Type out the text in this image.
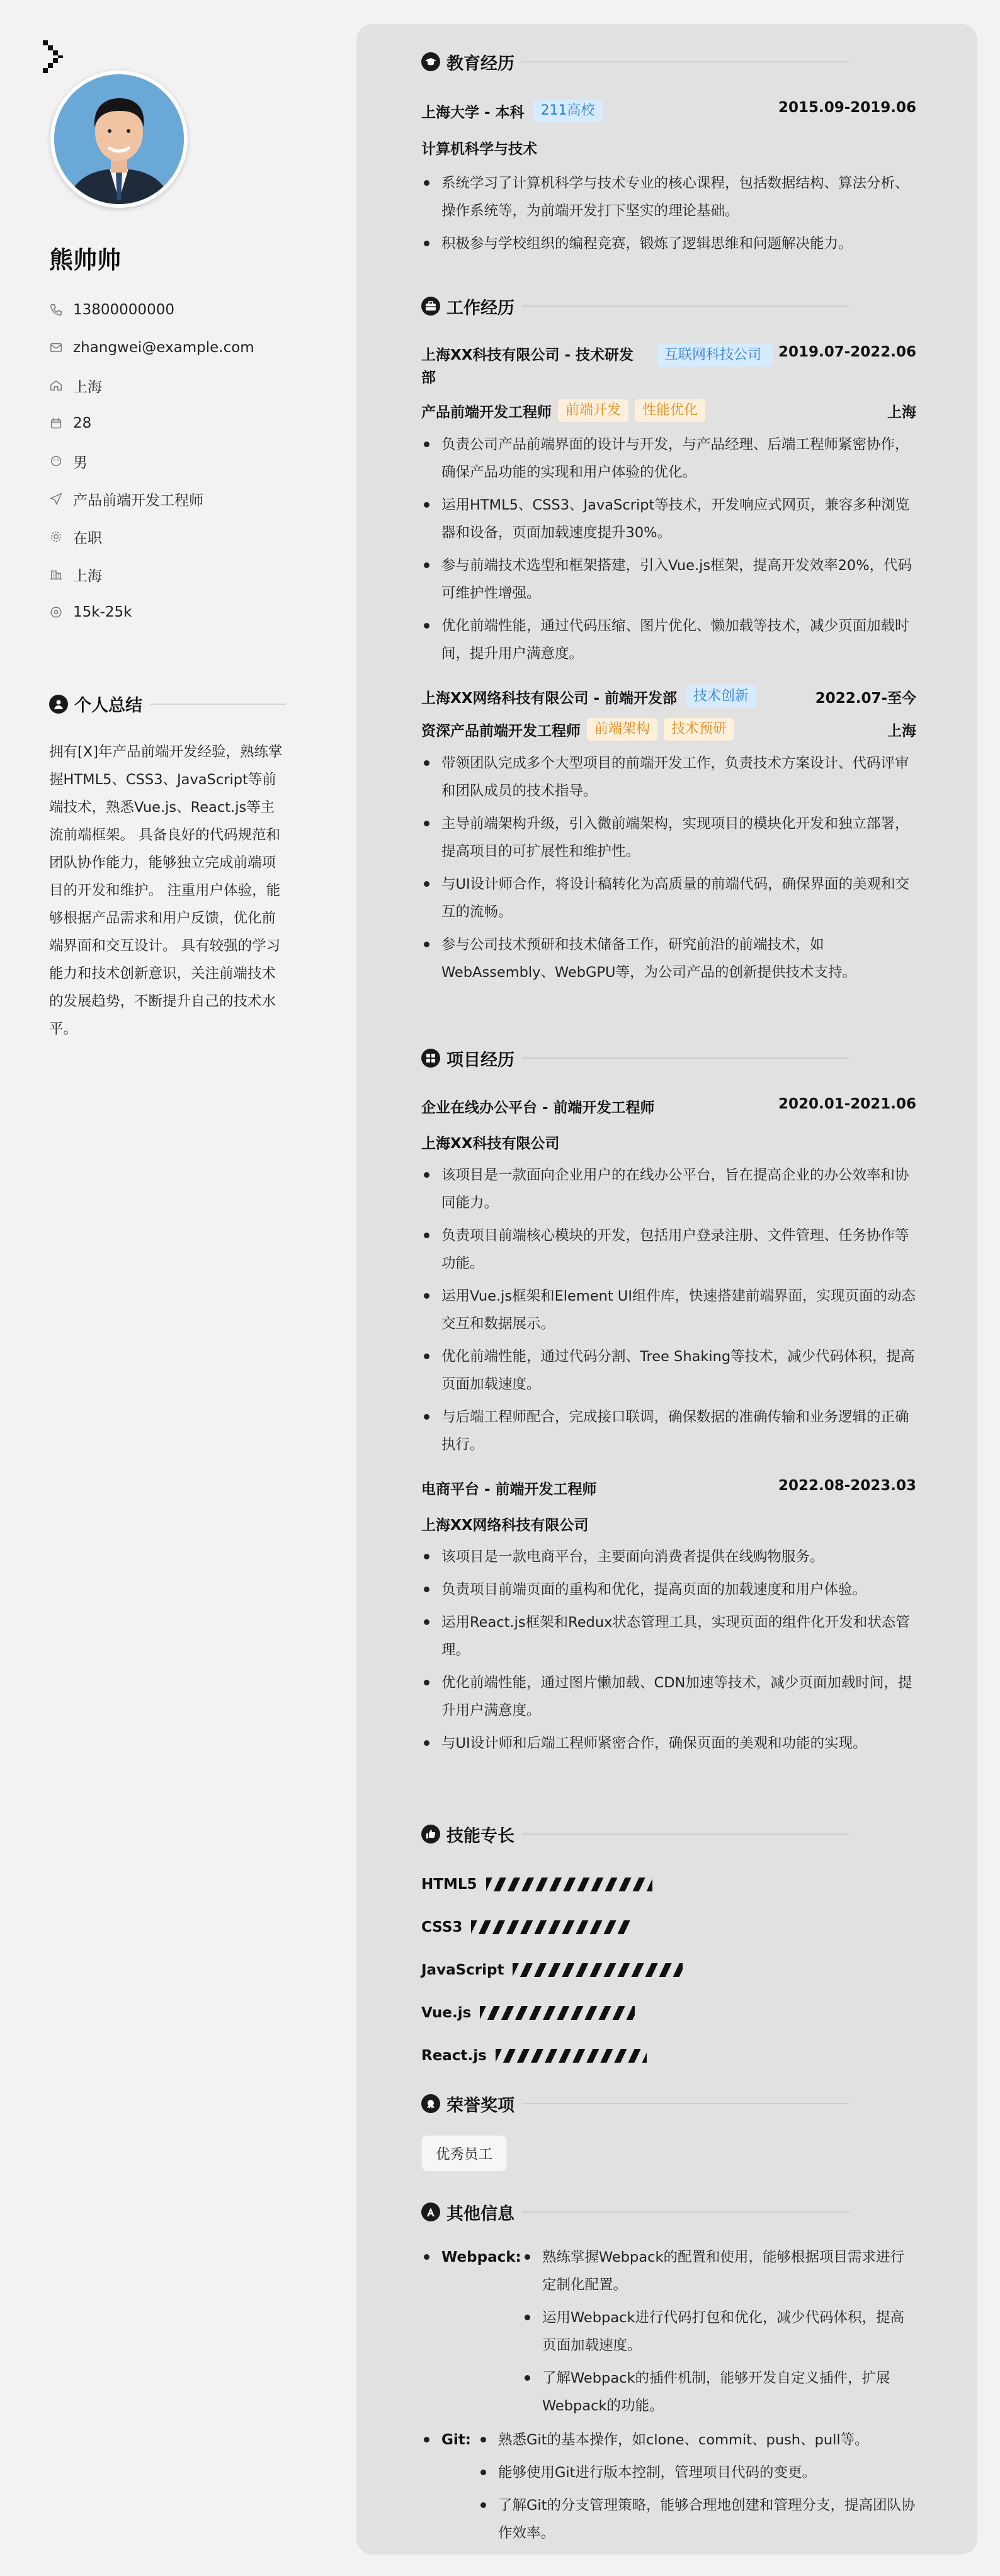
熊帅帅
13800000000
zhangwei@example.com
上海
28
男
产品前端开发工程师
在职
上海
15k-25k
个人总结

拥有[X]年产品前端开发经验，熟练掌握HTML5、CSS3、JavaScript等前端技术，熟悉Vue.js、React.js等主流前端框架。 具备良好的代码规范和团队协作能力，能够独立完成前端项目的开发和维护。 注重用户体验，能够根据产品需求和用户反馈，优化前端界面和交互设计。 具有较强的学习能力和技术创新意识，关注前端技术的发展趋势，不断提升自己的技术水平。

教育经历
上海大学 - 本科	211高校	2015.09-2019.06
计算机科学与技术
系统学习了计算机科学与技术专业的核心课程，包括数据结构、算法分析、操作系统等，为前端开发打下坚实的理论基础。
积极参与学校组织的编程竞赛，锻炼了逻辑思维和问题解决能力。
工作经历
上海XX科技有限公司 - 技术研发部
互联网科技公司	2019.07-2022.06
产品前端开发工程师	前端开发	性能优化	上海
负责公司产品前端界面的设计与开发，与产品经理、后端工程师紧密协作，确保产品功能的实现和用户体验的优化。
运用HTML5、CSS3、JavaScript等技术，开发响应式网页，兼容多种浏览器和设备，页面加载速度提升30%。
参与前端技术选型和框架搭建，引入Vue.js框架，提高开发效率20%，代码可维护性增强。
优化前端性能，通过代码压缩、图片优化、懒加载等技术，减少页面加载时间，提升用户满意度。
上海XX网络科技有限公司 - 前端开发部	技术创新	2022.07-至今
资深产品前端开发工程师	前端架构	技术预研	上海
带领团队完成多个大型项目的前端开发工作，负责技术方案设计、代码评审和团队成员的技术指导。
主导前端架构升级，引入微前端架构，实现项目的模块化开发和独立部署，提高项目的可扩展性和维护性。
与UI设计师合作，将设计稿转化为高质量的前端代码，确保界面的美观和交互的流畅。
参与公司技术预研和技术储备工作，研究前沿的前端技术，如WebAssembly、WebGPU等，为公司产品的创新提供技术支持。
项目经历
企业在线办公平台 - 前端开发工程师	2020.01-2021.06
上海XX科技有限公司
该项目是一款面向企业用户的在线办公平台，旨在提高企业的办公效率和协同能力。
负责项目前端核心模块的开发，包括用户登录注册、文件管理、任务协作等功能。
运用Vue.js框架和Element UI组件库，快速搭建前端界面，实现页面的动态交互和数据展示。
优化前端性能，通过代码分割、Tree Shaking等技术，减少代码体积，提高页面加载速度。
与后端工程师配合，完成接口联调，确保数据的准确传输和业务逻辑的正确执行。
电商平台 - 前端开发工程师	2022.08-2023.03
上海XX网络科技有限公司
该项目是一款电商平台，主要面向消费者提供在线购物服务。
负责项目前端页面的重构和优化，提高页面的加载速度和用户体验。
运用React.js框架和Redux状态管理工具，实现页面的组件化开发和状态管理。
优化前端性能，通过图片懒加载、CDN加速等技术，减少页面加载时间，提升用户满意度。
与UI设计师和后端工程师紧密合作，确保页面的美观和功能的实现。
技能专长
HTML5
CSS3
JavaScript
Vue.js
React.js
荣誉奖项
优秀员工
其他信息
Webpack:	熟练掌握Webpack的配置和使用，能够根据项目需求进行定制化配置。
运用Webpack进行代码打包和优化，减少代码体积，提高页面加载速度。
了解Webpack的插件机制，能够开发自定义插件，扩展Webpack的功能。
Git:	熟悉Git的基本操作，如clone、commit、push、pull等。
能够使用Git进行版本控制，管理项目代码的变更。
了解Git的分支管理策略，能够合理地创建和管理分支，提高团队协作效率。
